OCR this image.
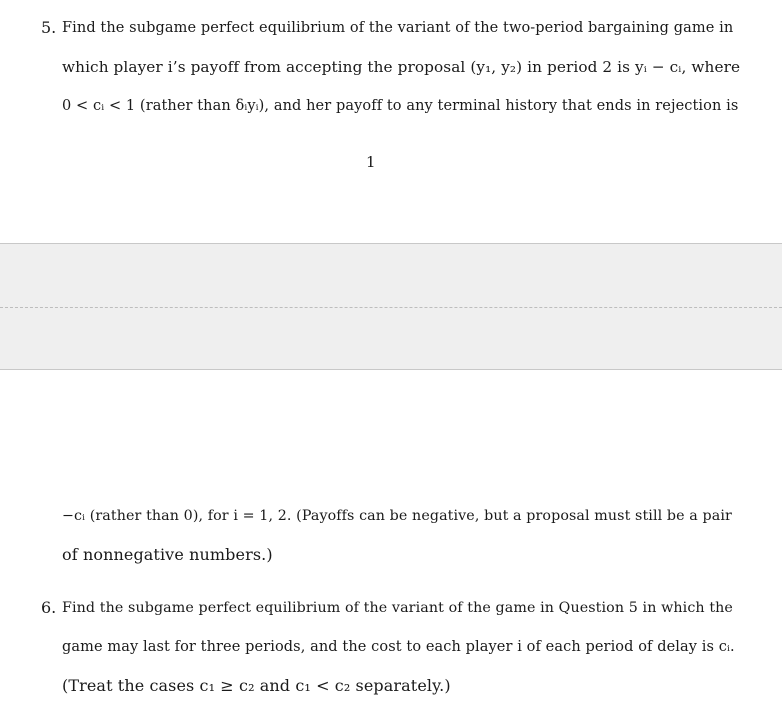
5. Find the subgame perfect equilibrium of the variant of the two-period bargaining game in
which player i’s payoff from accepting the proposal (y₁, y₂) in period 2 is yᵢ − cᵢ, where
0 < cᵢ < 1 (rather than δᵢyᵢ), and her payoff to any terminal history that ends in rejection is
1
−cᵢ (rather than 0), for i = 1, 2. (Payoffs can be negative, but a proposal must still be a pair
of nonnegative numbers.)
6. Find the subgame perfect equilibrium of the variant of the game in Question 5 in which the
game may last for three periods, and the cost to each player i of each period of delay is cᵢ.
(Treat the cases c₁ ≥ c₂ and c₁ < c₂ separately.)
